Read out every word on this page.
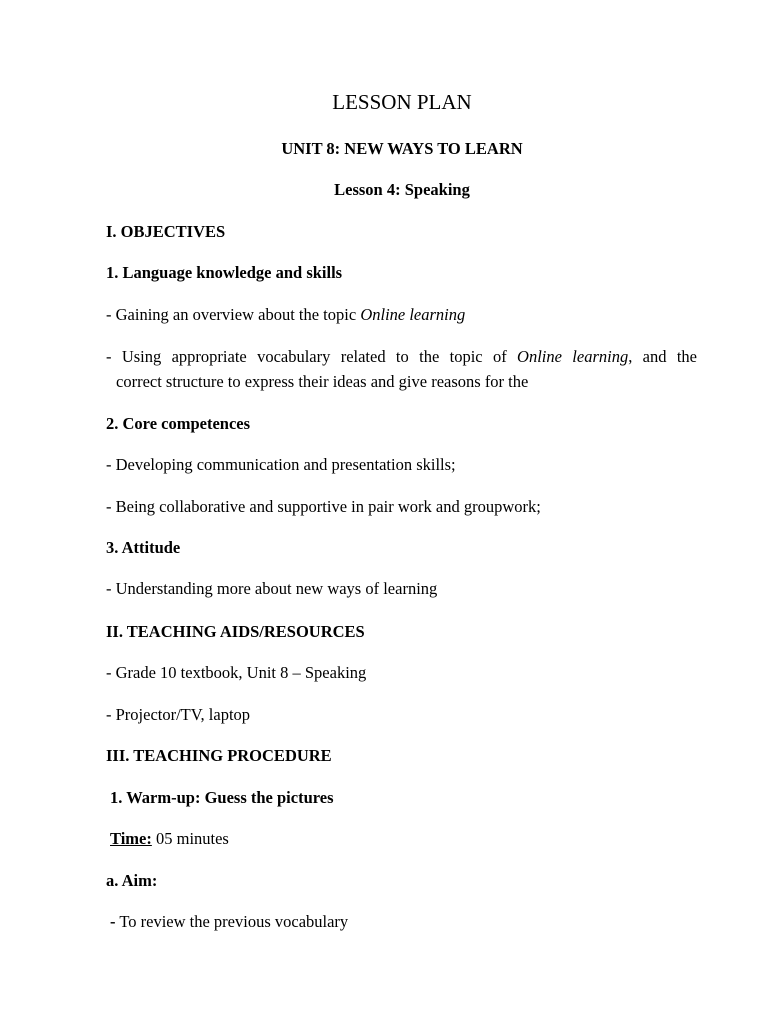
LESSON PLAN
UNIT 8: NEW WAYS TO LEARN
Lesson 4: Speaking
I. OBJECTIVES
1. Language knowledge and skills
- Gaining an overview about the topic Online learning
- Using appropriate vocabulary related to the topic of Online learning, and the
correct structure to express their ideas and give reasons for the
2. Core competences
- Developing communication and presentation skills;
- Being collaborative and supportive in pair work and groupwork;
3. Attitude
- Understanding more about new ways of learning
II. TEACHING AIDS/RESOURCES
- Grade 10 textbook, Unit 8 – Speaking
- Projector/TV, laptop
III. TEACHING PROCEDURE
1. Warm-up: Guess the pictures
Time: 05 minutes
a. Aim:
- To review the previous vocabulary
